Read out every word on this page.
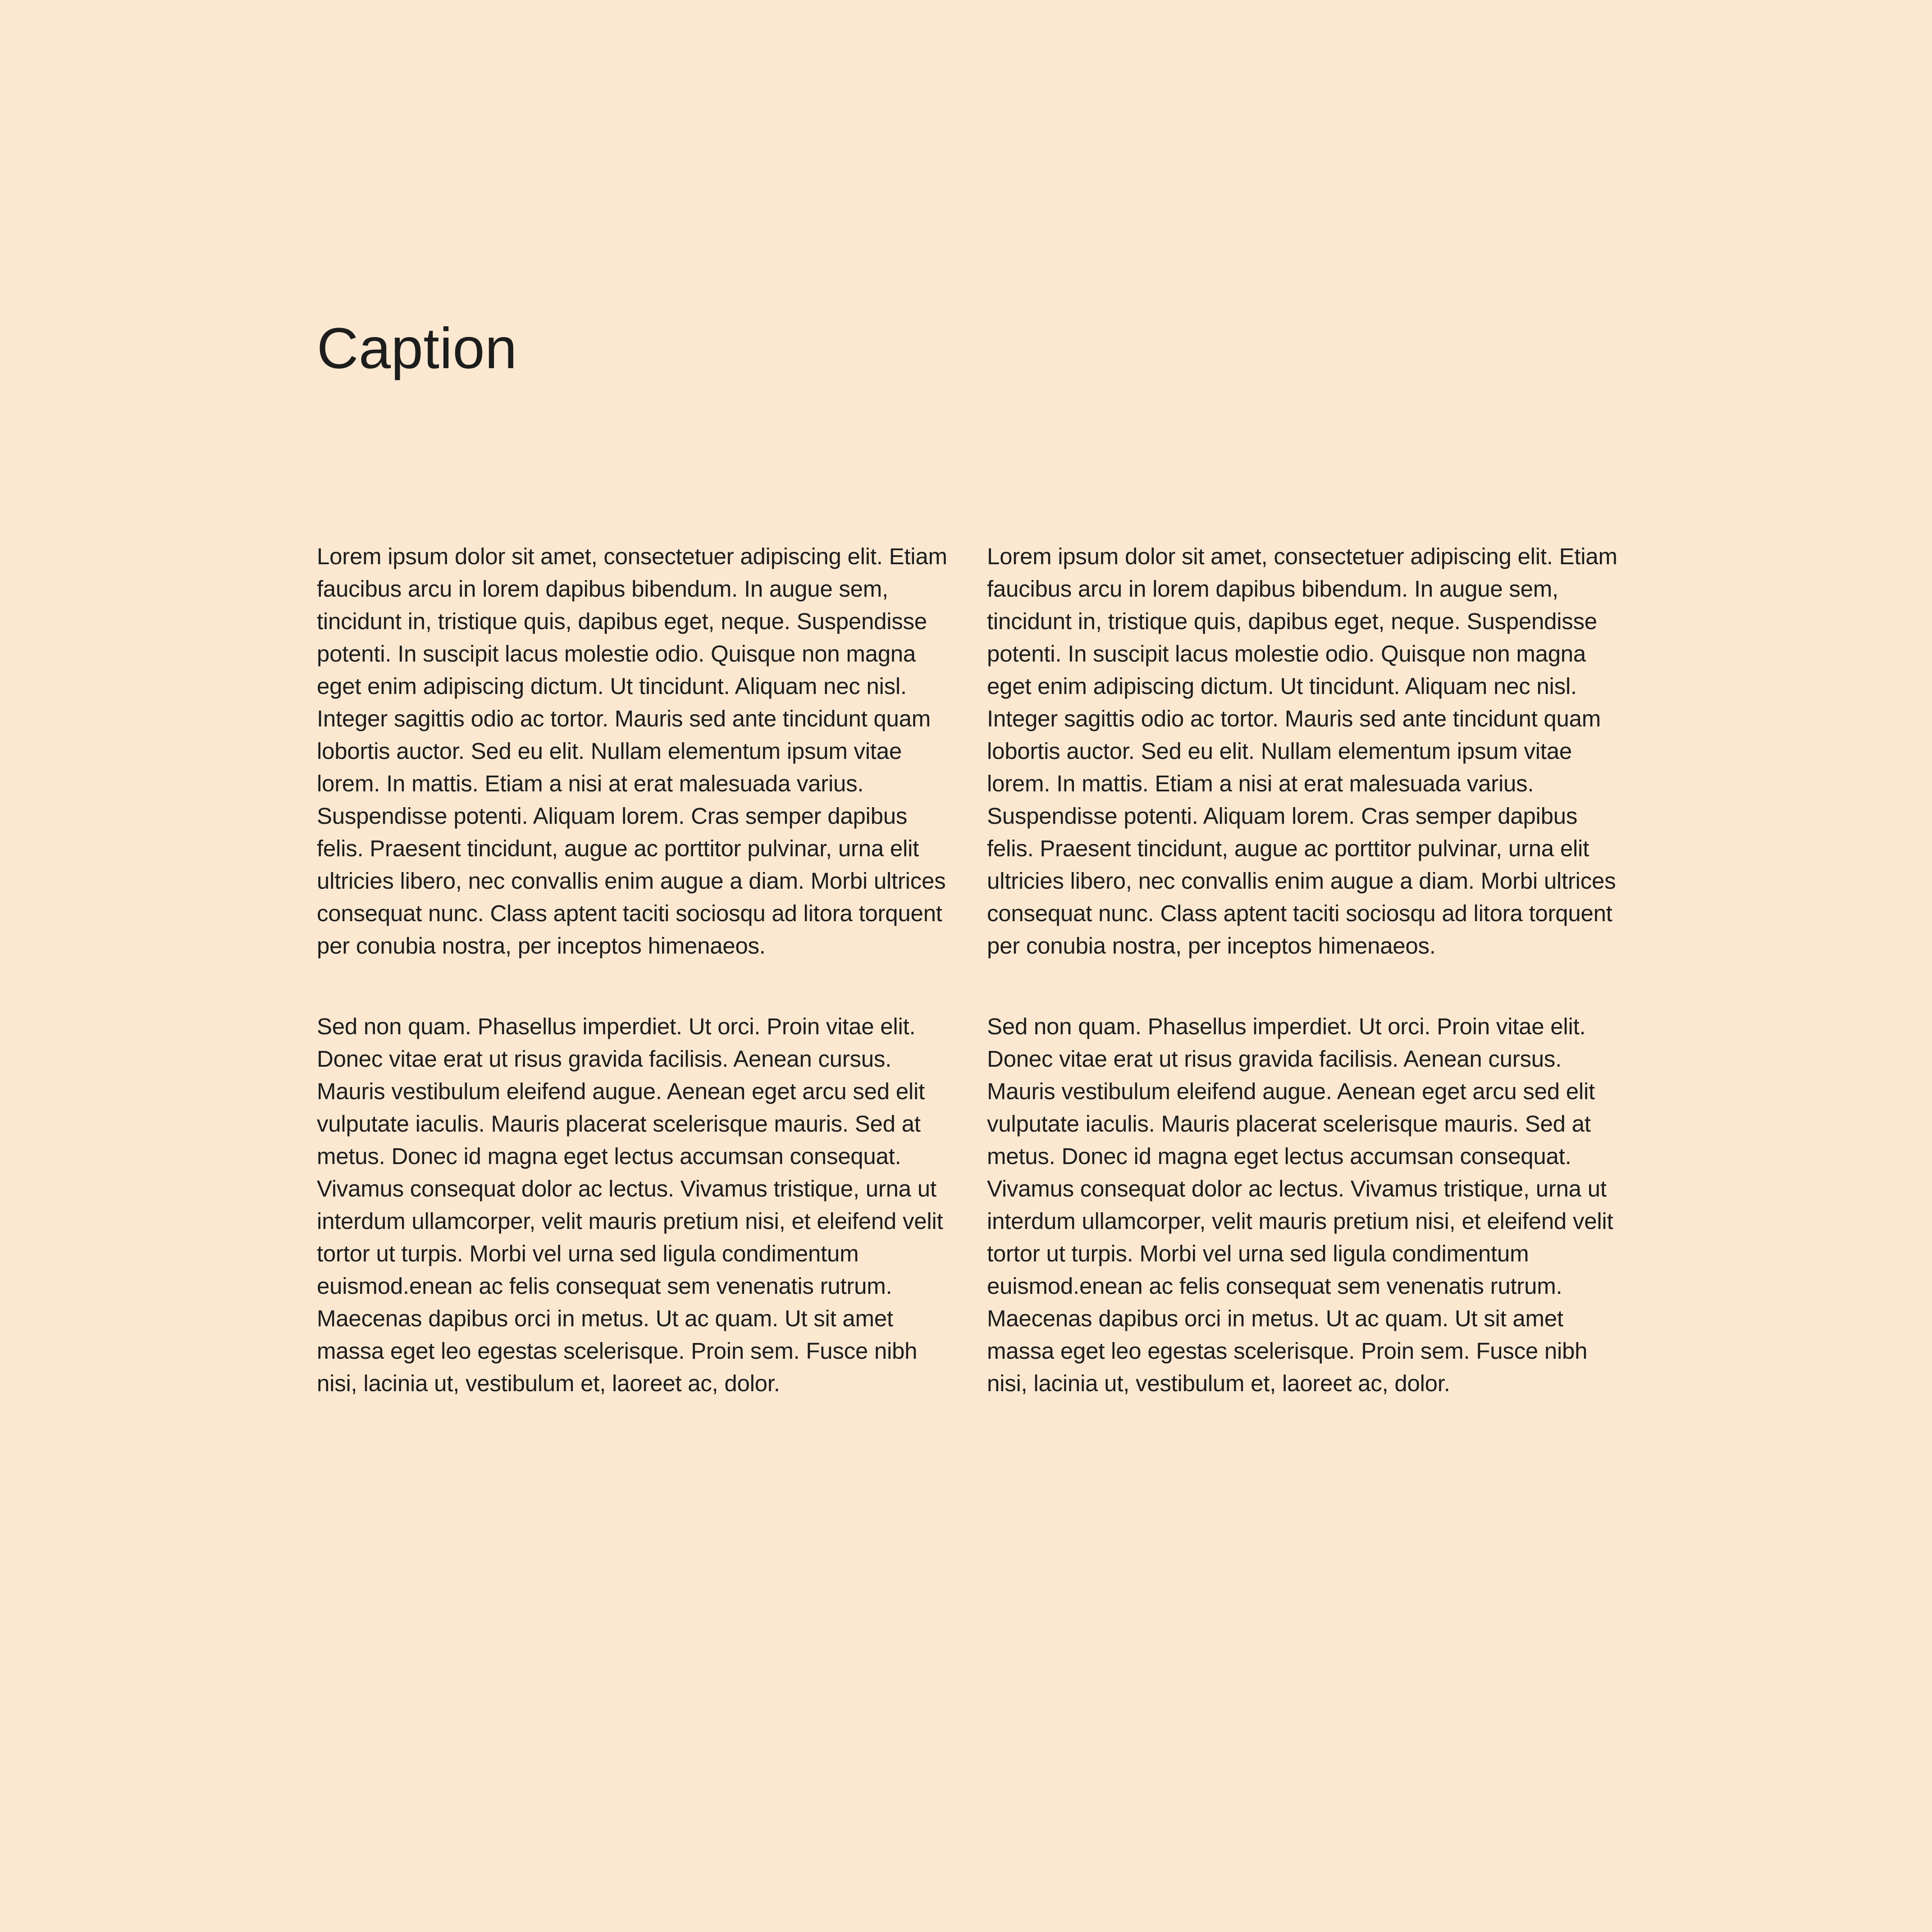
Caption

Lorem ipsum dolor sit amet, consectetuer adipiscing elit. Etiam faucibus arcu in lorem dapibus bibendum. In augue sem, tincidunt in, tristique quis, dapibus eget, neque. Suspendisse potenti. In suscipit lacus molestie odio. Quisque non magna eget enim adipiscing dictum. Ut tincidunt. Aliquam nec nisl. Integer sagittis odio ac tortor. Mauris sed ante tincidunt quam lobortis auctor. Sed eu elit. Nullam elementum ipsum vitae lorem. In mattis. Etiam a nisi at erat malesuada varius. Suspendisse potenti. Aliquam lorem. Cras semper dapibus felis. Praesent tincidunt, augue ac porttitor pulvinar, urna elit ultricies libero, nec convallis enim augue a diam. Morbi ultrices consequat nunc. Class aptent taciti sociosqu ad litora torquent per conubia nostra, per inceptos himenaeos.

Sed non quam. Phasellus imperdiet. Ut orci. Proin vitae elit. Donec vitae erat ut risus gravida facilisis. Aenean cursus. Mauris vestibulum eleifend augue. Aenean eget arcu sed elit vulputate iaculis. Mauris placerat scelerisque mauris. Sed at metus. Donec id magna eget lectus accumsan consequat. Vivamus consequat dolor ac lectus. Vivamus tristique, urna ut interdum ullamcorper, velit mauris pretium nisi, et eleifend velit tortor ut turpis. Morbi vel urna sed ligula condimentum euismod.enean ac felis consequat sem venenatis rutrum. Maecenas dapibus orci in metus. Ut ac quam. Ut sit amet massa eget leo egestas scelerisque. Proin sem. Fusce nibh nisi, lacinia ut, vestibulum et, laoreet ac, dolor.

Lorem ipsum dolor sit amet, consectetuer adipiscing elit. Etiam faucibus arcu in lorem dapibus bibendum. In augue sem, tincidunt in, tristique quis, dapibus eget, neque. Suspendisse potenti. In suscipit lacus molestie odio. Quisque non magna eget enim adipiscing dictum. Ut tincidunt. Aliquam nec nisl. Integer sagittis odio ac tortor. Mauris sed ante tincidunt quam lobortis auctor. Sed eu elit. Nullam elementum ipsum vitae lorem. In mattis. Etiam a nisi at erat malesuada varius. Suspendisse potenti. Aliquam lorem. Cras semper dapibus felis. Praesent tincidunt, augue ac porttitor pulvinar, urna elit ultricies libero, nec convallis enim augue a diam. Morbi ultrices consequat nunc. Class aptent taciti sociosqu ad litora torquent per conubia nostra, per inceptos himenaeos.

Sed non quam. Phasellus imperdiet. Ut orci. Proin vitae elit. Donec vitae erat ut risus gravida facilisis. Aenean cursus. Mauris vestibulum eleifend augue. Aenean eget arcu sed elit vulputate iaculis. Mauris placerat scelerisque mauris. Sed at metus. Donec id magna eget lectus accumsan consequat. Vivamus consequat dolor ac lectus. Vivamus tristique, urna ut interdum ullamcorper, velit mauris pretium nisi, et eleifend velit tortor ut turpis. Morbi vel urna sed ligula condimentum euismod.enean ac felis consequat sem venenatis rutrum. Maecenas dapibus orci in metus. Ut ac quam. Ut sit amet massa eget leo egestas scelerisque. Proin sem. Fusce nibh nisi, lacinia ut, vestibulum et, laoreet ac, dolor.
